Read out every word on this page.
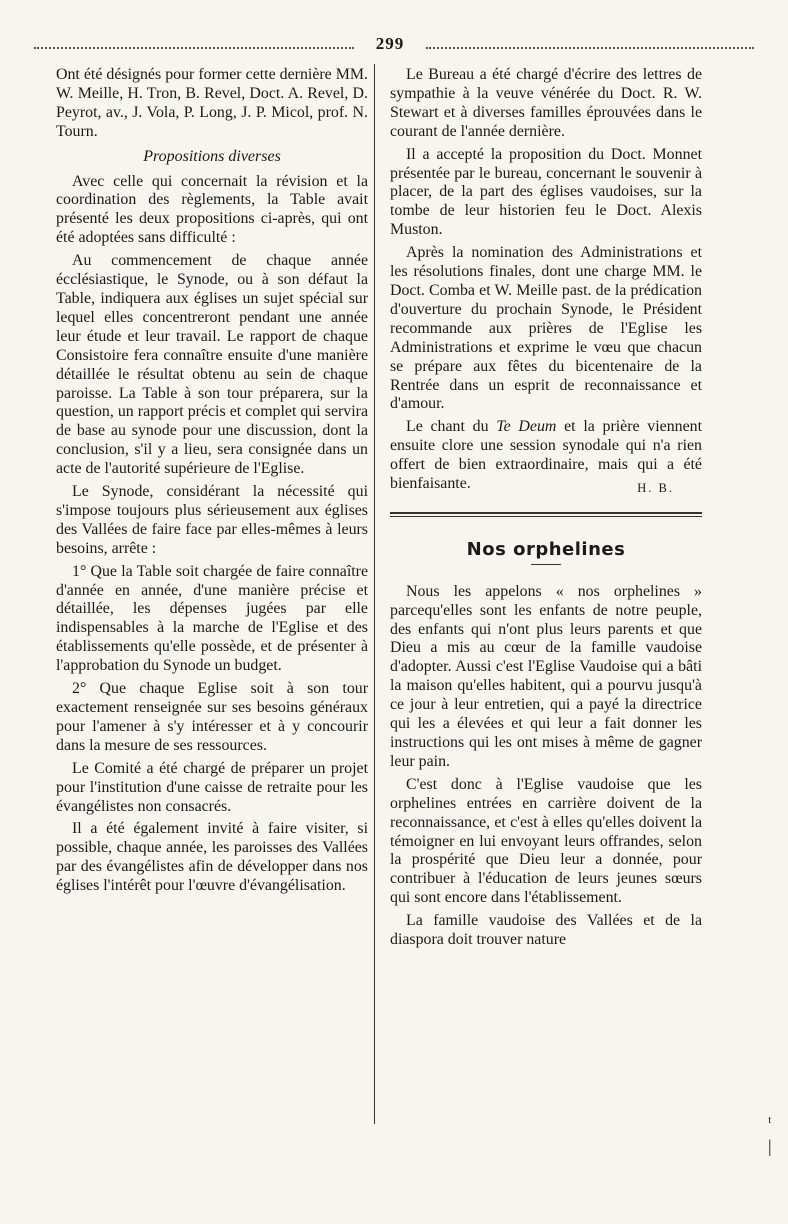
299

Ont été désignés pour former cette dernière MM. W. Meille, H. Tron, B. Revel, Doct. A. Revel, D. Peyrot, av., J. Vola, P. Long, J. P. Micol, prof. N. Tourn.

Propositions diverses

Avec celle qui concernait la révision et la coordination des règlements, la Table avait présenté les deux propositions ci-après, qui ont été adoptées sans difficulté :

Au commencement de chaque année écclésiastique, le Synode, ou à son défaut la Table, indiquera aux églises un sujet spécial sur lequel elles concentreront pendant une année leur étude et leur travail. Le rapport de chaque Consistoire fera connaître ensuite d'une manière détaillée le résultat obtenu au sein de chaque paroisse. La Table à son tour préparera, sur la question, un rapport précis et complet qui servira de base au synode pour une discussion, dont la conclusion, s'il y a lieu, sera consignée dans un acte de l'autorité supérieure de l'Eglise.

Le Synode, considérant la nécessité qui s'impose toujours plus sérieusement aux églises des Vallées de faire face par elles-mêmes à leurs besoins, arrête :

1° Que la Table soit chargée de faire connaître d'année en année, d'une manière précise et détaillée, les dépenses jugées par elle indispensables à la marche de l'Eglise et des établissements qu'elle possède, et de présenter à l'approbation du Synode un budget.

2° Que chaque Eglise soit à son tour exactement renseignée sur ses besoins généraux pour l'amener à s'y intéresser et à y concourir dans la mesure de ses ressources.

Le Comité a été chargé de préparer un projet pour l'institution d'une caisse de retraite pour les évangélistes non consacrés.

Il a été également invité à faire visiter, si possible, chaque année, les paroisses des Vallées par des évangélistes afin de développer dans nos églises l'intérêt pour l'œuvre d'évangélisation.

Le Bureau a été chargé d'écrire des lettres de sympathie à la veuve vénérée du Doct. R. W. Stewart et à diverses familles éprouvées dans le courant de l'année dernière.

Il a accepté la proposition du Doct. Monnet présentée par le bureau, concernant le souvenir à placer, de la part des églises vaudoises, sur la tombe de leur historien feu le Doct. Alexis Muston.

Après la nomination des Administrations et les résolutions finales, dont une charge MM. le Doct. Comba et W. Meille past. de la prédication d'ouverture du prochain Synode, le Président recommande aux prières de l'Eglise les Administrations et exprime le vœu que chacun se prépare aux fêtes du bicentenaire de la Rentrée dans un esprit de reconnaissance et d'amour.

Le chant du Te Deum et la prière viennent ensuite clore une session synodale qui n'a rien offert de bien extraordinaire, mais qui a été bienfaisante.	H. B.
Nos orphelines

Nous les appelons « nos orphelines » parcequ'elles sont les enfants de notre peuple, des enfants qui n'ont plus leurs parents et que Dieu a mis au cœur de la famille vaudoise d'adopter. Aussi c'est l'Eglise Vaudoise qui a bâti la maison qu'elles habitent, qui a pourvu jusqu'à ce jour à leur entretien, qui a payé la directrice qui les a élevées et qui leur a fait donner les instructions qui les ont mises à même de gagner leur pain.

C'est donc à l'Eglise vaudoise que les orphelines entrées en carrière doivent de la reconnaissance, et c'est à elles qu'elles doivent la témoigner en lui envoyant leurs offrandes, selon la prospérité que Dieu leur a donnée, pour contribuer à l'éducation de leurs jeunes sœurs qui sont encore dans l'établissement.

La famille vaudoise des Vallées et de la diaspora doit trouver nature

ᵗ
|
